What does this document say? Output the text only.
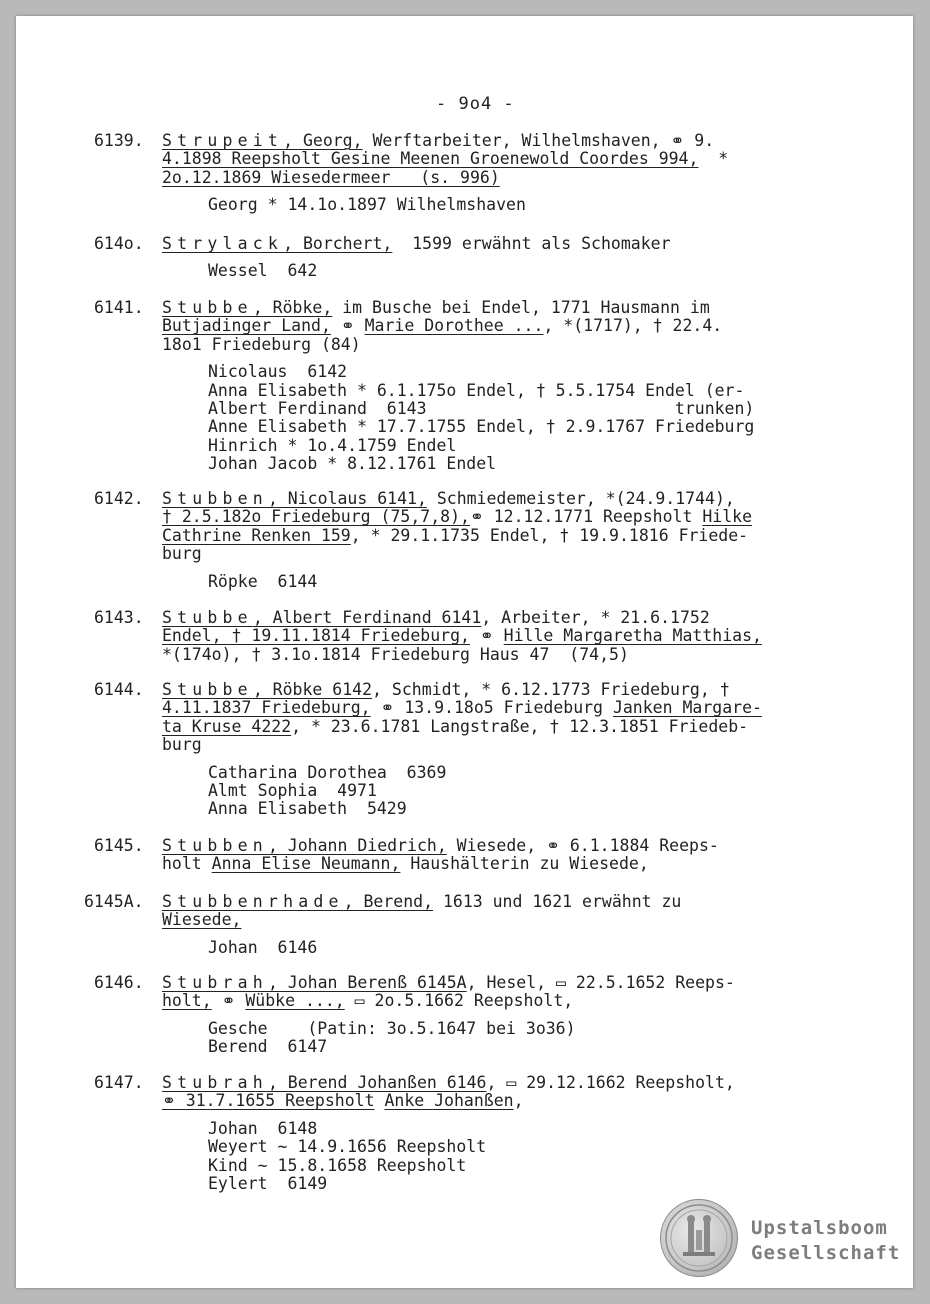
- 9o4 -
6139.	Strupeit, Georg, Werftarbeiter, Wilhelmshaven, ⚭ 9.
4.1898 Reepsholt Gesine Meenen Groenewold Coordes 994,  *
2o.12.1869 Wiesedermeer   (s. 996)
Georg * 14.1o.1897 Wilhelmshaven
614o.	Strylack, Borchert,  1599 erwähnt als Schomaker
Wessel  642
6141.	Stubbe, Röbke, im Busche bei Endel, 1771 Hausmann im
Butjadinger Land, ⚭ Marie Dorothee ..., *(1717), † 22.4.
18o1 Friedeburg (84)
Nicolaus  6142
Anna Elisabeth * 6.1.175o Endel, † 5.5.1754 Endel (er-
Albert Ferdinand  6143                         trunken)
Anne Elisabeth * 17.7.1755 Endel, † 2.9.1767 Friedeburg
Hinrich * 1o.4.1759 Endel
Johan Jacob * 8.12.1761 Endel
6142.	Stubben, Nicolaus 6141, Schmiedemeister, *(24.9.1744),
† 2.5.182o Friedeburg (75,7,8),⚭ 12.12.1771 Reepsholt Hilke
Cathrine Renken 159, * 29.1.1735 Endel, † 19.9.1816 Friede-
burg
Röpke  6144
6143.	Stubbe, Albert Ferdinand 6141, Arbeiter, * 21.6.1752
Endel, † 19.11.1814 Friedeburg, ⚭ Hille Margaretha Matthias,
*(174o), † 3.1o.1814 Friedeburg Haus 47  (74,5)
6144.	Stubbe, Röbke 6142, Schmidt, * 6.12.1773 Friedeburg, †
4.11.1837 Friedeburg, ⚭ 13.9.18o5 Friedeburg Janken Margare-
ta Kruse 4222, * 23.6.1781 Langstraße, † 12.3.1851 Friedeb-
burg
Catharina Dorothea  6369
Almt Sophia  4971
Anna Elisabeth  5429
6145.	Stubben, Johann Diedrich, Wiesede, ⚭ 6.1.1884 Reeps-
holt Anna Elise Neumann, Haushälterin zu Wiesede,
6145A.	Stubbenrhade, Berend, 1613 und 1621 erwähnt zu
Wiesede,
Johan  6146
6146.	Stubrah, Johan Berenß 6145A, Hesel, ▭ 22.5.1652 Reeps-
holt, ⚭ Wübke ..., ▭ 2o.5.1662 Reepsholt,
Gesche    (Patin: 3o.5.1647 bei 3o36)
Berend  6147
6147.	Stubrah, Berend Johanßen 6146, ▭ 29.12.1662 Reepsholt,
⚭ 31.7.1655 Reepsholt Anke Johanßen,
Johan  6148
Weyert ~ 14.9.1656 Reepsholt
Kind ~ 15.8.1658 Reepsholt
Eylert  6149
Upstalsboom
Gesellschaft
